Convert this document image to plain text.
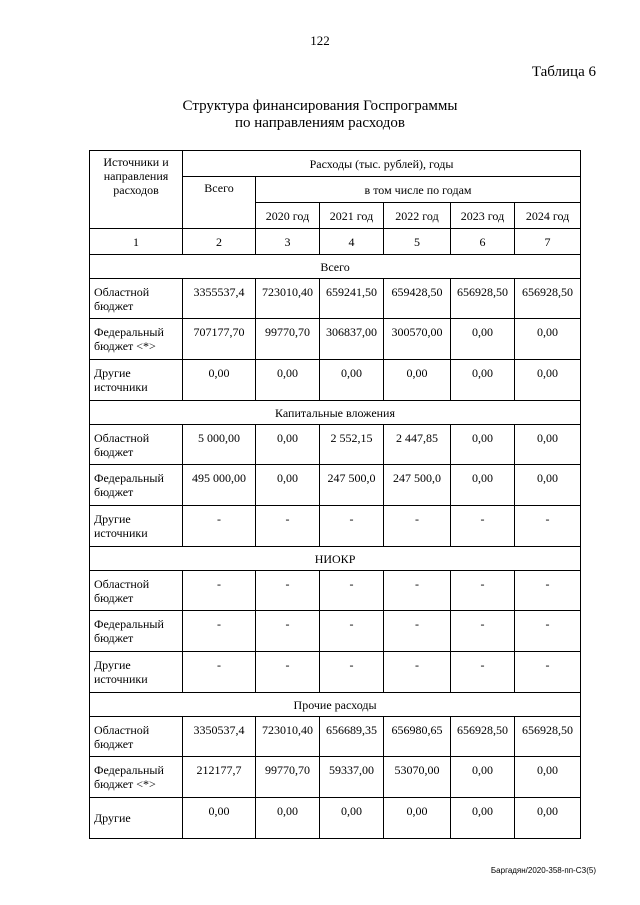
122
Таблица 6
Структура финансирования Госпрограммы
по направлениям расходов
Источники и направления расходов	Расходы (тыс. рублей), годы					
	Всего	в том числе по годам				
		2020 год	2021 год	2022 год	2023 год	2024 год
1	2	3	4	5	6	7
Всего						
Областной бюджет	3355537,4	723010,40	659241,50	659428,50	656928,50	656928,50
Федеральный бюджет <*>	707177,70	99770,70	306837,00	300570,00	0,00	0,00
Другие источники	0,00	0,00	0,00	0,00	0,00	0,00
Капитальные вложения						
Областной бюджет	5 000,00	0,00	2 552,15	2 447,85	0,00	0,00
Федеральный бюджет	495 000,00	0,00	247 500,0	247 500,0	0,00	0,00
Другие источники	-	-	-	-	-	-
НИОКР						
Областной бюджет	-	-	-	-	-	-
Федеральный бюджет	-	-	-	-	-	-
Другие источники	-	-	-	-	-	-
Прочие расходы						
Областной бюджет	3350537,4	723010,40	656689,35	656980,65	656928,50	656928,50
Федеральный бюджет <*>	212177,7	99770,70	59337,00	53070,00	0,00	0,00
Другие	0,00	0,00	0,00	0,00	0,00	0,00
Баргадян/2020-358-пп-СЗ(5)
